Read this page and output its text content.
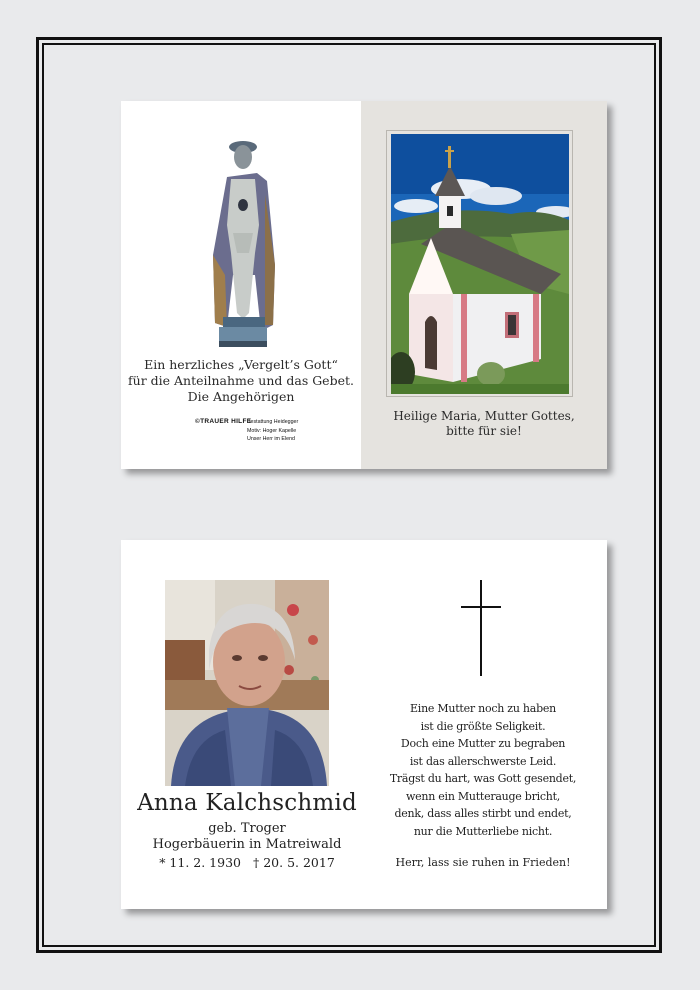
Ein herzliches „Vergelt’s Gott“
für die Anteilnahme und das Gebet.
Die Angehörigen
©TRAUER HILFE
Bestattung Heidegger
Motiv: Hoger Kapelle
Unser Herr im Elend
Heilige Maria, Mutter Gottes,
bitte für sie!
Anna Kalchschmid
geb. Troger
Hogerbäuerin in Matreiwald
* 11. 2. 1930 † 20. 5. 2017
Eine Mutter noch zu haben
ist die größte Seligkeit.
Doch eine Mutter zu begraben
ist das allerschwerste Leid.
Trägst du hart, was Gott gesendet,
wenn ein Mutterauge bricht,
denk, dass alles stirbt und endet,
nur die Mutterliebe nicht.
Herr, lass sie ruhen in Frieden!
